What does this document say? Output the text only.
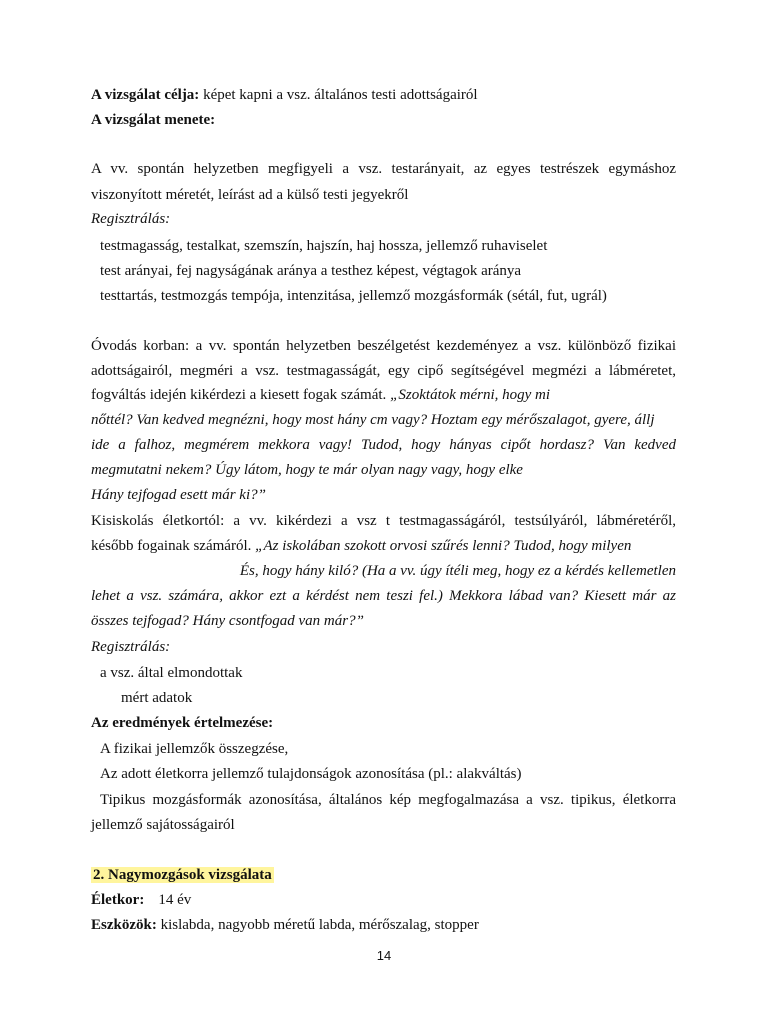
A vizsgálat célja: képet kapni a vsz. általános testi adottságairól

A vizsgálat menete:

A vv. spontán helyzetben megfigyeli a vsz. testarányait, az egyes testrészek egymáshoz

viszonyított méretét, leírást ad a külső testi jegyekről

Regisztrálás:

testmagasság, testalkat, szemszín, hajszín, haj hossza, jellemző ruhaviselet

test arányai, fej nagyságának aránya a testhez képest, végtagok aránya

testtartás, testmozgás tempója, intenzitása, jellemző mozgásformák (sétál, fut, ugrál)

Óvodás korban: a vv. spontán helyzetben beszélgetést kezdeményez a vsz. különböző fizikai

adottságairól, megméri a vsz. testmagasságát, egy cipő segítségével megmézi a lábméretet,

fogváltás idején kikérdezi a kiesett fogak számát. „Szoktátok mérni, hogy mi

nőttél? Van kedved megnézni, hogy most hány cm vagy? Hoztam egy mérőszalagot, gyere, állj

ide a falhoz, megmérem mekkora vagy! Tudod, hogy hányas cipőt hordasz? Van kedved

megmutatni nekem? Úgy látom, hogy te már olyan nagy vagy, hogy elke

Hány tejfogad esett már ki?”

Kisiskolás életkortól: a vv. kikérdezi a vsz t testmagasságáról, testsúlyáról, lábméretéről,

később fogainak számáról. „Az iskolában szokott orvosi szűrés lenni? Tudod, hogy milyen

És, hogy hány kiló? (Ha a vv. úgy ítéli meg, hogy ez a kérdés kellemetlen

lehet a vsz. számára, akkor ezt a kérdést nem teszi fel.) Mekkora lábad van? Kiesett már az

összes tejfogad? Hány csontfogad van már?”

Regisztrálás:

a vsz. által elmondottak

mért adatok

Az eredmények értelmezése:

A fizikai jellemzők összegzése,

Az adott életkorra jellemző tulajdonságok azonosítása (pl.: alakváltás)

Tipikus mozgásformák azonosítása, általános kép megfogalmazása a vsz. tipikus, életkorra

jellemző sajátosságairól

2. Nagymozgások vizsgálata

Életkor: 14 év

Eszközök: kislabda, nagyobb méretű labda, mérőszalag, stopper

14
